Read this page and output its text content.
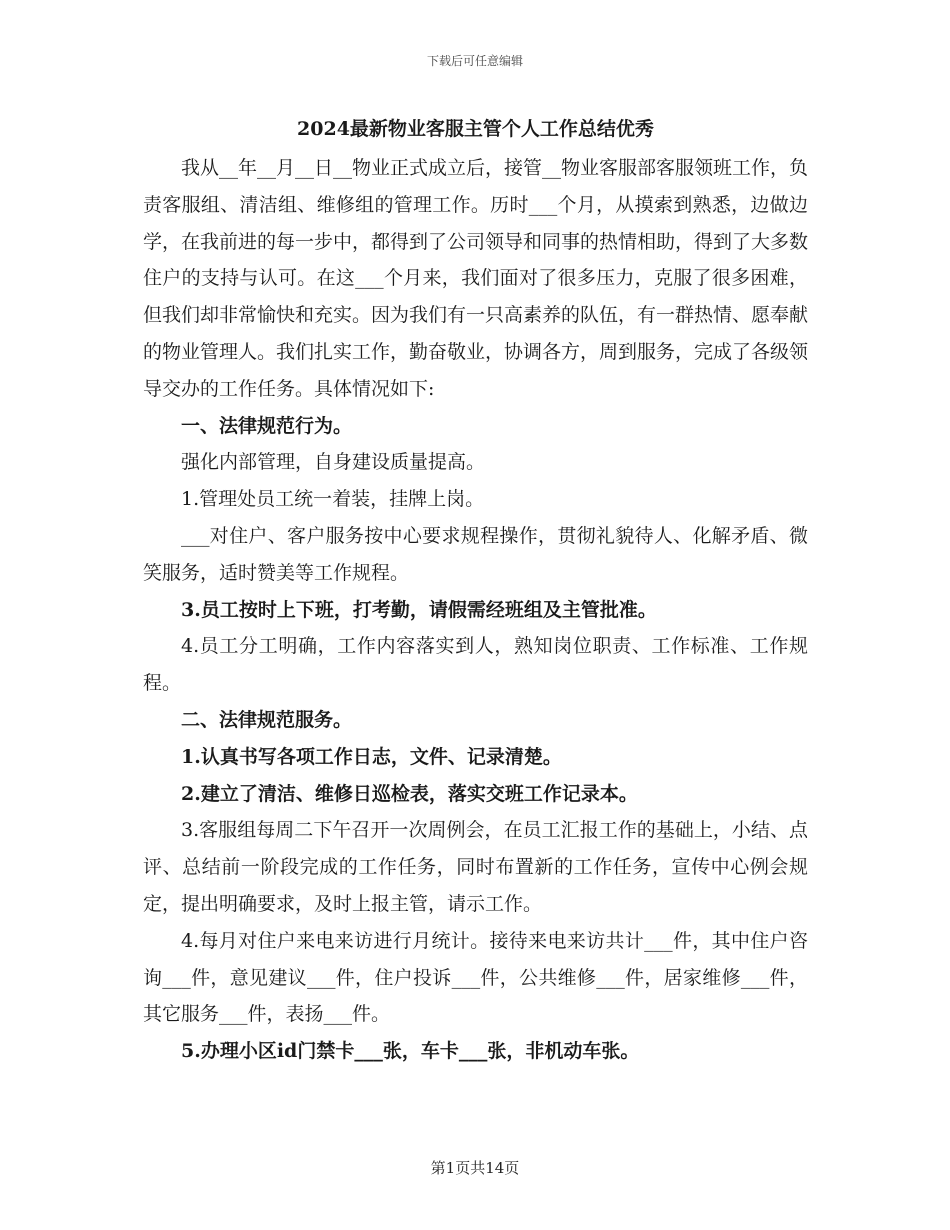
下载后可任意编辑
2024最新物业客服主管个人工作总结优秀

我从__年__月__日__物业正式成立后，接管__物业客服部客服领班工作，负责客服组、清洁组、维修组的管理工作。历时___个月，从摸索到熟悉，边做边学，在我前进的每一步中，都得到了公司领导和同事的热情相助，得到了大多数住户的支持与认可。在这___个月来，我们面对了很多压力，克服了很多困难，但我们却非常愉快和充实。因为我们有一只高素养的队伍，有一群热情、愿奉献的物业管理人。我们扎实工作，勤奋敬业，协调各方，周到服务，完成了各级领导交办的工作任务。具体情况如下:

一、法律规范行为。

强化内部管理，自身建设质量提高。

1.管理处员工统一着装，挂牌上岗。

___对住户、客户服务按中心要求规程操作，贯彻礼貌待人、化解矛盾、微笑服务，适时赞美等工作规程。

3.员工按时上下班，打考勤，请假需经班组及主管批准。

4.员工分工明确，工作内容落实到人，熟知岗位职责、工作标准、工作规程。

二、法律规范服务。

1.认真书写各项工作日志，文件、记录清楚。

2.建立了清洁、维修日巡检表，落实交班工作记录本。

3.客服组每周二下午召开一次周例会，在员工汇报工作的基础上，小结、点评、总结前一阶段完成的工作任务，同时布置新的工作任务，宣传中心例会规定，提出明确要求，及时上报主管，请示工作。

4.每月对住户来电来访进行月统计。接待来电来访共计___件，其中住户咨询___件，意见建议___件，住户投诉___件，公共维修___件，居家维修___件，其它服务___件，表扬___件。

5.办理小区id门禁卡___张，车卡___张，非机动车张。

第1页共14页
